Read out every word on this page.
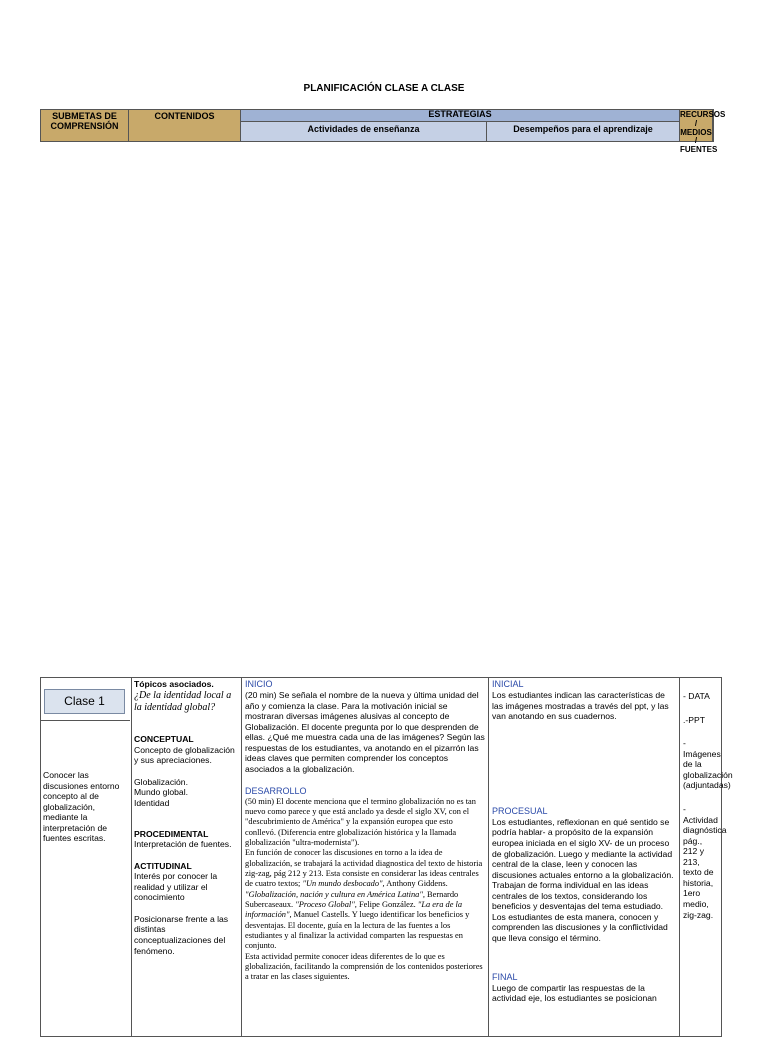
PLANIFICACIÓN CLASE A CLASE
SUBMETAS DE COMPRENSIÓN
CONTENIDOS	ESTRATEGIAS
Actividades de enseñanza	Desempeños para el aprendizaje
RECURSOS / MEDIOS / FUENTES
Clase 1
Conocer las discusiones entorno concepto al de globalización, mediante la interpretación de fuentes escritas.

Tópicos asociados.

¿De la identidad local a la identidad global?

CONCEPTUAL

Concepto de globalización y sus apreciaciones.

Globalización. Mundo global. Identidad

PROCEDIMENTAL

Interpretación de fuentes.

ACTITUDINAL

Interés por conocer la realidad y utilizar el conocimiento

Posicionarse frente a las distintas conceptualizaciones del fenómeno.

INICIO

(20 min) Se señala el nombre de la nueva y última unidad del año y comienza la clase. Para la motivación inicial se mostraran diversas imágenes alusivas al concepto de Globalización. El docente pregunta por lo que desprenden de ellas. ¿Qué me muestra cada una de las imágenes? Según las respuestas de los estudiantes, va anotando en el pizarrón las ideas claves que permiten comprender los conceptos asociados a la globalización.

DESARROLLO

(50 min) El docente menciona que el termino globalización no es tan nuevo como parece y que está anclado ya desde el siglo XV, con el "descubrimiento de América" y la expansión europea que esto conllevó. (Diferencia entre globalización histórica y la llamada globalización "ultra-modernista").

En función de conocer las discusiones en torno a la idea de globalización, se trabajará la actividad diagnostica del texto de historia zig-zag, pág 212 y 213. Esta consiste en considerar las ideas centrales de cuatro textos; "Un mundo desbocado", Anthony Giddens. "Globalización, nación y cultura en América Latina", Bernardo Subercaseaux. "Proceso Global", Felipe González. "La era de la información", Manuel Castells. Y luego identificar los beneficios y desventajas. El docente, guía en la lectura de las fuentes a los estudiantes y al finalizar la actividad comparten las respuestas en conjunto.

Esta actividad permite conocer ideas diferentes de lo que es globalización, facilitando la comprensión de los contenidos posteriores a tratar en las clases siguientes.

INICIAL

Los estudiantes indican las características de las imágenes mostradas a través del ppt, y las van anotando en sus cuadernos.

PROCESUAL

Los estudiantes, reflexionan en qué sentido se podría hablar- a propósito de la expansión europea iniciada en el siglo XV- de un proceso de globalización. Luego y mediante la actividad central de la clase, leen y conocen las discusiones actuales entorno a la globalización. Trabajan de forma individual en las ideas centrales de los textos, considerando los beneficios y desventajas del tema estudiado. Los estudiantes de esta manera, conocen y comprenden las discusiones y la conflictividad que lleva consigo el término.

FINAL

Luego de compartir las respuestas de la actividad eje, los estudiantes se posicionan

- DATA

.-PPT

-Imágenes de la globalización (adjuntadas)

- Actividad diagnóstica pág., 212 y 213, texto de historia, 1ero medio, zig-zag.
